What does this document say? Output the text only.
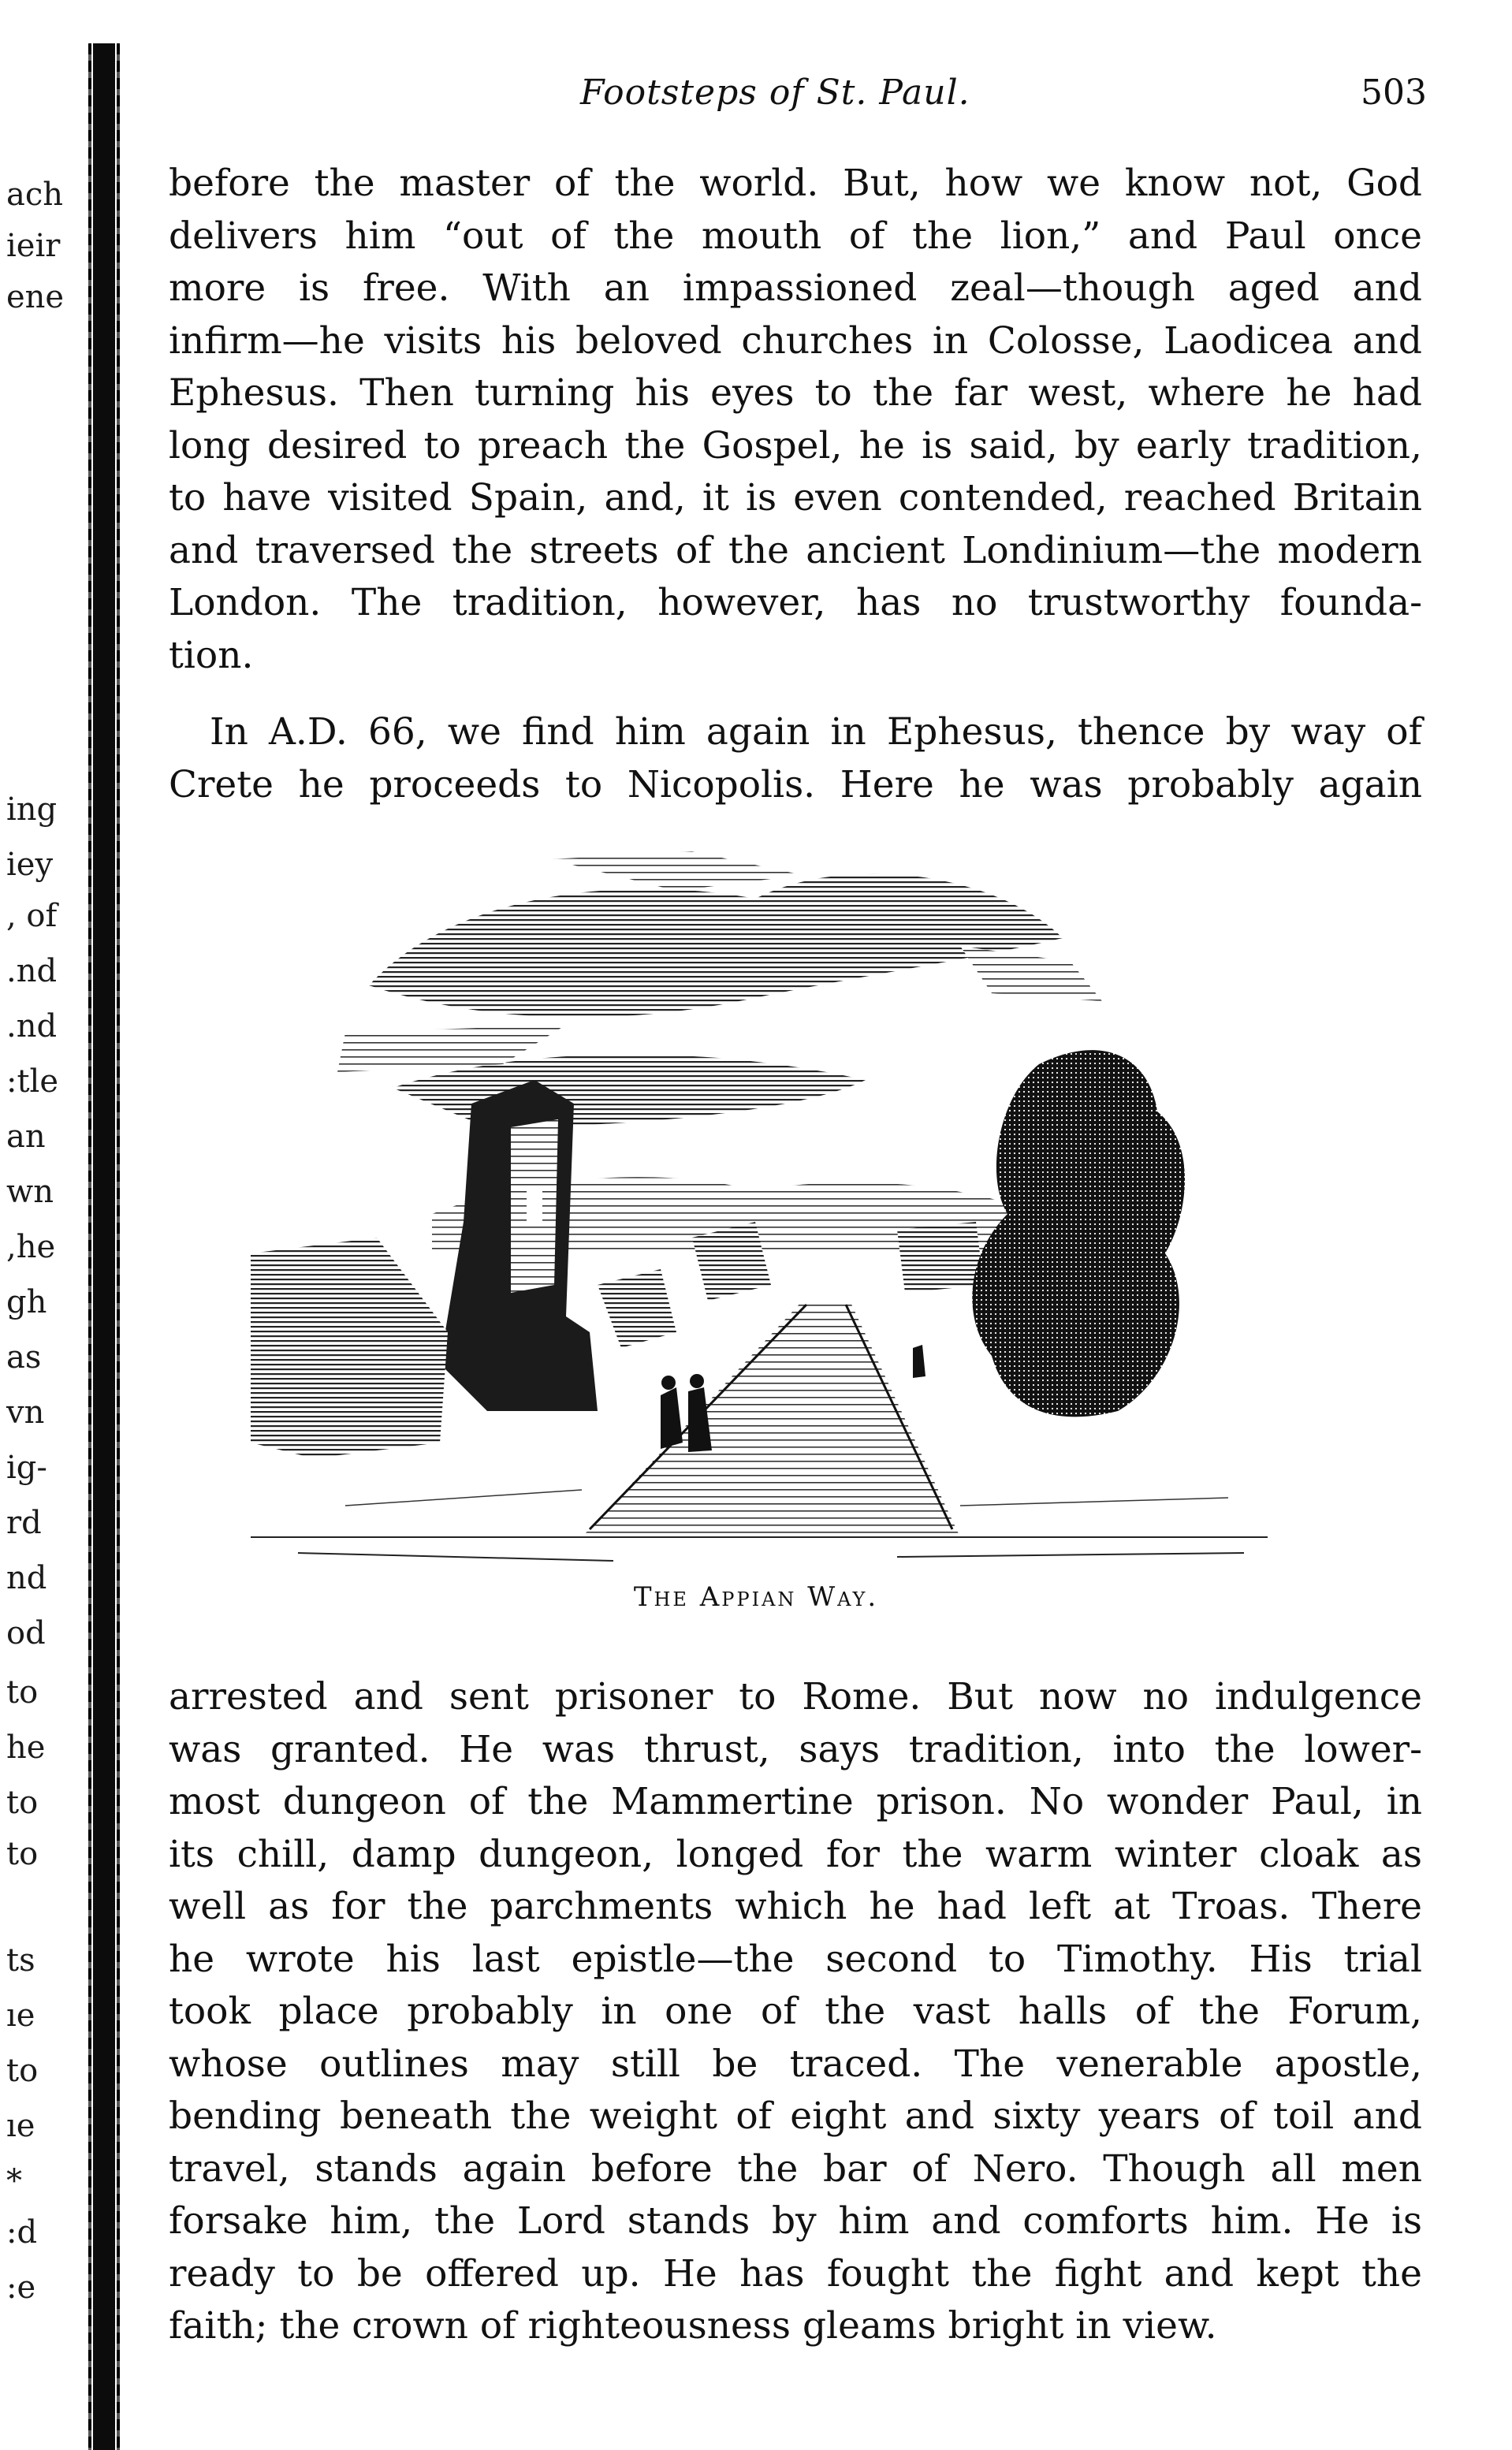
ach
ieir
ene
ing
iey
, of
.nd
.nd
:tle
an
wn
,he
gh
as
vn
ig-
rd
nd
od
to
he
to
to
ts
ıe
to
ıe
*
:d
:e
Footsteps of St. Paul.	503

before the master of the world. But, how we know not, God
delivers him “out of the mouth of the lion,” and Paul once
more is free. With an impassioned zeal—though aged and
infirm—he visits his beloved churches in Colosse, Laodicea and
Ephesus. Then turning his eyes to the far west, where he had
long desired to preach the Gospel, he is said, by early tradition,
to have visited Spain, and, it is even contended, reached Britain
and traversed the streets of the ancient Londinium—the modern
London. The tradition, however, has no trustworthy founda-
tion.

In A.D. 66, we find him again in Ephesus, thence by way of
Crete he proceeds to Nicopolis. Here he was probably again

The Appian Way.

arrested and sent prisoner to Rome. But now no indulgence
was granted. He was thrust, says tradition, into the lower-
most dungeon of the Mammertine prison. No wonder Paul, in
its chill, damp dungeon, longed for the warm winter cloak as
well as for the parchments which he had left at Troas. There
he wrote his last epistle—the second to Timothy. His trial
took place probably in one of the vast halls of the Forum,
whose outlines may still be traced. The venerable apostle,
bending beneath the weight of eight and sixty years of toil and
travel, stands again before the bar of Nero. Though all men
forsake him, the Lord stands by him and comforts him. He is
ready to be offered up. He has fought the fight and kept the
faith; the crown of righteousness gleams bright in view.
